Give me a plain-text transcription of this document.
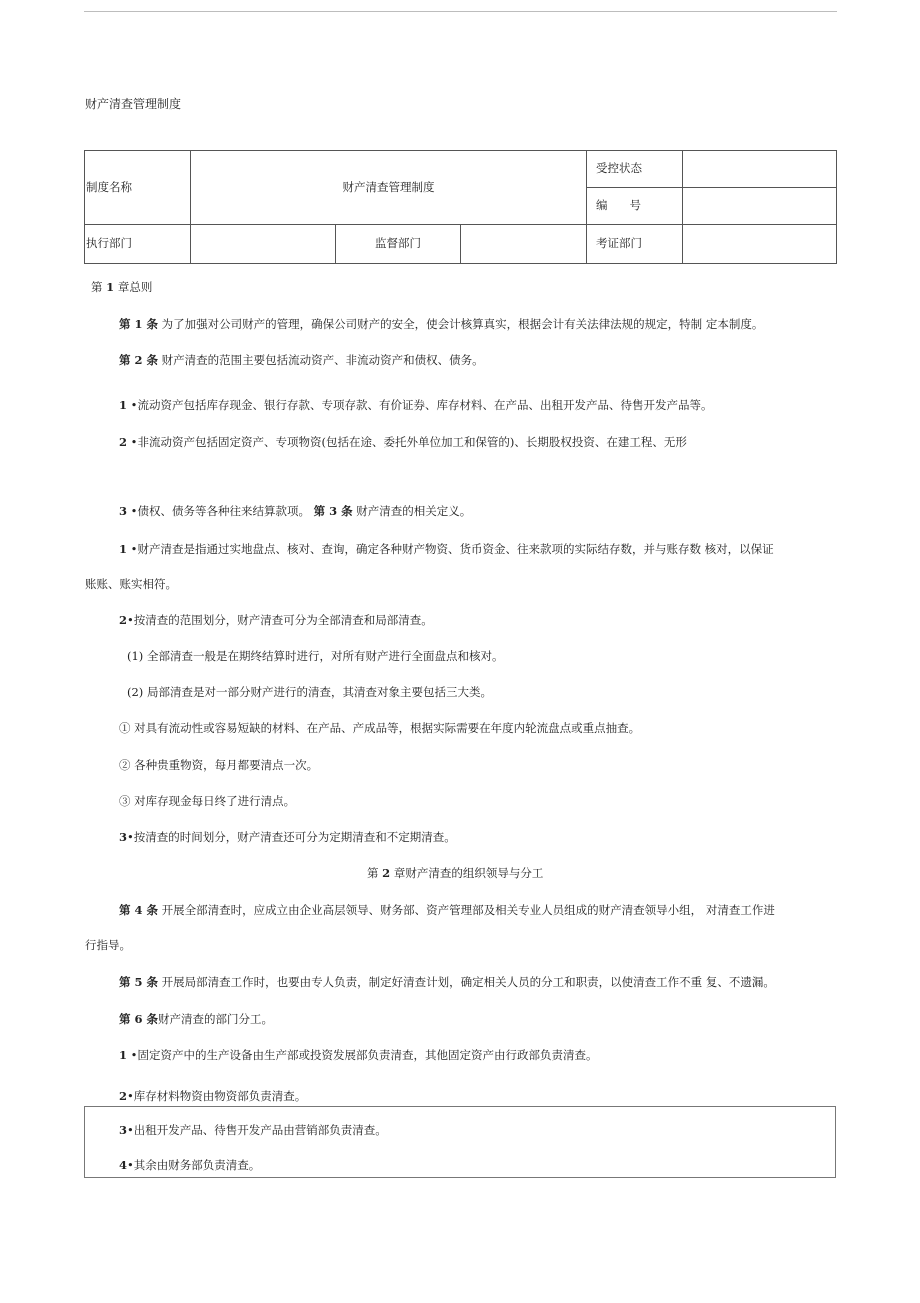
财产清查管理制度
制度名称	财产清查管理制度			受控状态	
				编      号	
执行部门		监督部门		考证部门	
第 1 章总则
第 1 条 为了加强对公司财产的管理，确保公司财产的安全，使会计核算真实，根据会计有关法律法规的规定，特制 定本制度。
第 2 条 财产清查的范围主要包括流动资产、非流动资产和债权、债务。
1 •流动资产包括库存现金、银行存款、专项存款、有价证券、库存材料、在产品、出租开发产品、待售开发产品等。
2 •非流动资产包括固定资产、专项物资(包括在途、委托外单位加工和保管的)、长期股权投资、在建工程、无形
3 •债权、债务等各种往来结算款项。 第 3 条 财产清查的相关定义。
1 •财产清查是指通过实地盘点、核对、查询，确定各种财产物资、货币资金、往来款项的实际结存数，并与账存数 核对，以保证
账账、账实相符。
2•按清查的范围划分，财产清查可分为全部清查和局部清查。
(1) 全部清查一般是在期终结算时进行，对所有财产进行全面盘点和核对。
(2) 局部清查是对一部分财产进行的清查，其清查对象主要包括三大类。
① 对具有流动性或容易短缺的材料、在产品、产成品等，根据实际需要在年度内轮流盘点或重点抽查。
② 各种贵重物资，每月都要清点一次。
③ 对库存现金每日终了进行清点。
3•按清查的时间划分，财产清查还可分为定期清查和不定期清查。
第 2 章财产清查的组织领导与分工
第 4 条 开展全部清查时，应成立由企业高层领导、财务部、资产管理部及相关专业人员组成的财产清查领导小组， 对清查工作进
行指导。
第 5 条 开展局部清查工作时，也要由专人负责，制定好清查计划，确定相关人员的分工和职责，以使清查工作不重 复、不遗漏。
第 6 条财产清查的部门分工。
1 •固定资产中的生产设备由生产部或投资发展部负责清查，其他固定资产由行政部负责清查。
2•库存材料物资由物资部负责清查。
3•出租开发产品、待售开发产品由营销部负责清查。
4•其余由财务部负责清查。
